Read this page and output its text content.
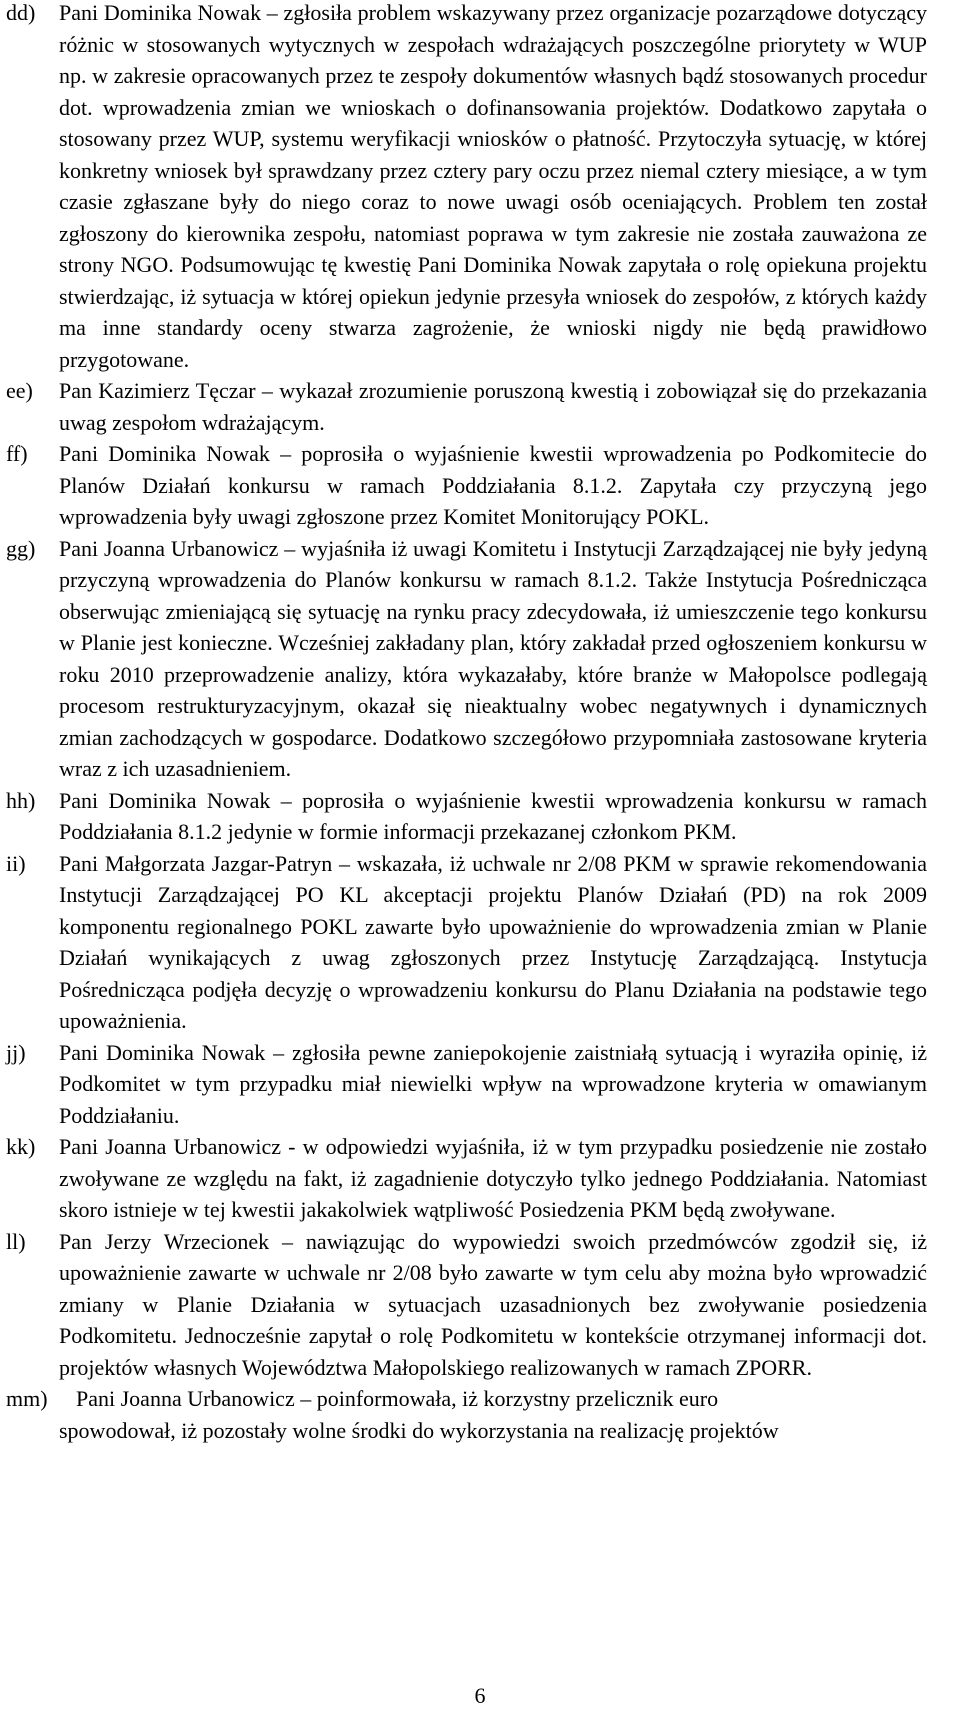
dd)	Pani Dominika Nowak – zgłosiła problem wskazywany przez organizacje pozarządowe dotyczący różnic w stosowanych wytycznych w zespołach wdrażających poszczególne priorytety w WUP np. w zakresie opracowanych przez te zespoły dokumentów własnych bądź stosowanych procedur dot. wprowadzenia zmian we wnioskach o dofinansowania projektów. Dodatkowo zapytała o stosowany przez WUP, systemu weryfikacji wniosków o płatność. Przytoczyła sytuację, w której konkretny wniosek był sprawdzany przez cztery pary oczu przez niemal cztery miesiące, a w tym czasie zgłaszane były do niego coraz to nowe uwagi osób oceniających. Problem ten został zgłoszony do kierownika zespołu, natomiast poprawa w tym zakresie nie została zauważona ze strony NGO. Podsumowując tę kwestię Pani Dominika Nowak zapytała o rolę opiekuna projektu stwierdzając, iż sytuacja w której opiekun jedynie przesyła wniosek do zespołów, z których każdy ma inne standardy oceny stwarza zagrożenie, że wnioski nigdy nie będą prawidłowo przygotowane.
ee)	Pan Kazimierz Tęczar – wykazał zrozumienie poruszoną kwestią i zobowiązał się do przekazania uwag zespołom wdrażającym.
ff)	Pani Dominika Nowak – poprosiła o wyjaśnienie kwestii wprowadzenia po Podkomitecie do Planów Działań konkursu w ramach Poddziałania 8.1.2. Zapytała czy przyczyną jego wprowadzenia były uwagi zgłoszone przez Komitet Monitorujący POKL.
gg)	Pani Joanna Urbanowicz – wyjaśniła iż uwagi Komitetu i Instytucji Zarządzającej nie były jedyną przyczyną wprowadzenia do Planów konkursu w ramach 8.1.2. Także Instytucja Pośrednicząca obserwując zmieniającą się sytuację na rynku pracy zdecydowała, iż umieszczenie tego konkursu w Planie jest konieczne. Wcześniej zakładany plan, który zakładał przed ogłoszeniem konkursu w roku 2010 przeprowadzenie analizy, która wykazałaby, które branże w Małopolsce podlegają procesom restrukturyzacyjnym, okazał się nieaktualny wobec negatywnych i dynamicznych zmian zachodzących w gospodarce. Dodatkowo szczegółowo przypomniała zastosowane kryteria wraz z ich uzasadnieniem.
hh)	Pani Dominika Nowak – poprosiła o wyjaśnienie kwestii wprowadzenia konkursu w ramach Poddziałania 8.1.2 jedynie w formie informacji przekazanej członkom PKM.
ii)	Pani Małgorzata Jazgar-Patryn – wskazała, iż uchwale nr 2/08 PKM w sprawie rekomendowania Instytucji Zarządzającej PO KL akceptacji projektu Planów Działań (PD) na rok 2009 komponentu regionalnego POKL zawarte było upoważnienie do wprowadzenia zmian w Planie Działań wynikających z uwag zgłoszonych przez Instytucję Zarządzającą. Instytucja Pośrednicząca podjęła decyzję o wprowadzeniu konkursu do Planu Działania na podstawie tego upoważnienia.
jj)	Pani Dominika Nowak – zgłosiła pewne zaniepokojenie zaistniałą sytuacją i wyraziła opinię, iż Podkomitet w tym przypadku miał niewielki wpływ na wprowadzone kryteria w omawianym Poddziałaniu.
kk)	Pani Joanna Urbanowicz - w odpowiedzi wyjaśniła, iż w tym przypadku posiedzenie nie zostało zwoływane ze względu na fakt, iż zagadnienie dotyczyło tylko jednego Poddziałania. Natomiast skoro istnieje w tej kwestii jakakolwiek wątpliwość Posiedzenia PKM będą zwoływane.
ll)	Pan Jerzy Wrzecionek – nawiązując do wypowiedzi swoich przedmówców zgodził się, iż upoważnienie zawarte w uchwale nr 2/08 było zawarte w tym celu aby można było wprowadzić zmiany w Planie Działania w sytuacjach uzasadnionych bez zwoływanie posiedzenia Podkomitetu. Jednocześnie zapytał o rolę Podkomitetu w kontekście otrzymanej informacji dot. projektów własnych Województwa Małopolskiego realizowanych w ramach ZPORR.
mm)	Pani Joanna Urbanowicz – poinformowała, iż korzystny przelicznik euro
spowodował, iż pozostały wolne środki do wykorzystania na realizację projektów
6
